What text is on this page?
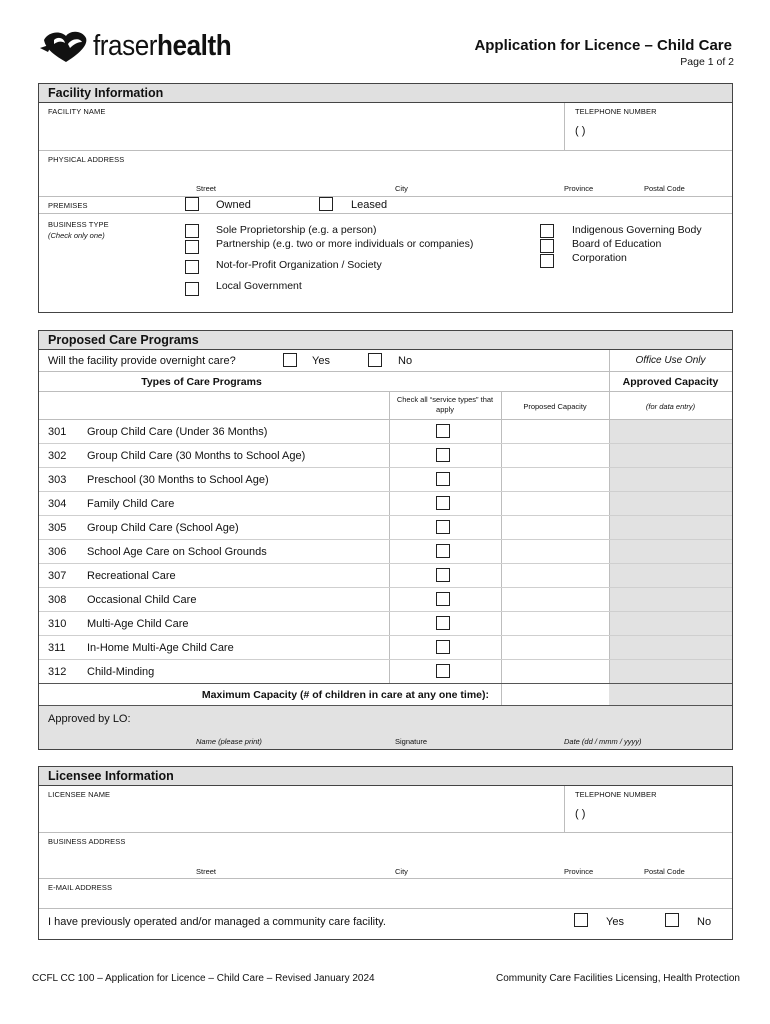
fraserhealth	Application for Licence – Child Care
Page 1 of 2
Facility Information
FACILITY NAME	TELEPHONE NUMBER
( )
PHYSICAL ADDRESS
Street	City	Province	Postal Code
PREMISES	Owned	Leased
BUSINESS TYPE
(Check only one)	Sole Proprietorship (e.g. a person)
Partnership (e.g. two or more individuals or companies)
Not-for-Profit Organization / Society
Local Government
Indigenous Governing Body
Board of Education
Corporation
Proposed Care Programs
Will the facility provide overnight care?	Yes	No	Office Use Only
Types of Care Programs	Approved Capacity
Check all “service types” that apply	Proposed Capacity	(for data entry)
301 Group Child Care (Under 36 Months)
302 Group Child Care (30 Months to School Age)
303 Preschool (30 Months to School Age)
304 Family Child Care
305 Group Child Care (School Age)
306 School Age Care on School Grounds
307 Recreational Care
308 Occasional Child Care
310 Multi-Age Child Care
311 In-Home Multi-Age Child Care
312 Child-Minding
Maximum Capacity (# of children in care at any one time):
Approved by LO:
Name (please print)	Signature	Date (dd / mmm / yyyy)
Licensee Information
LICENSEE NAME	TELEPHONE NUMBER
( )
BUSINESS ADDRESS
Street	City	Province	Postal Code
E-MAIL ADDRESS
I have previously operated and/or managed a community care facility.	Yes	No
CCFL CC 100 – Application for Licence – Child Care – Revised January 2024	Community Care Facilities Licensing, Health Protection
